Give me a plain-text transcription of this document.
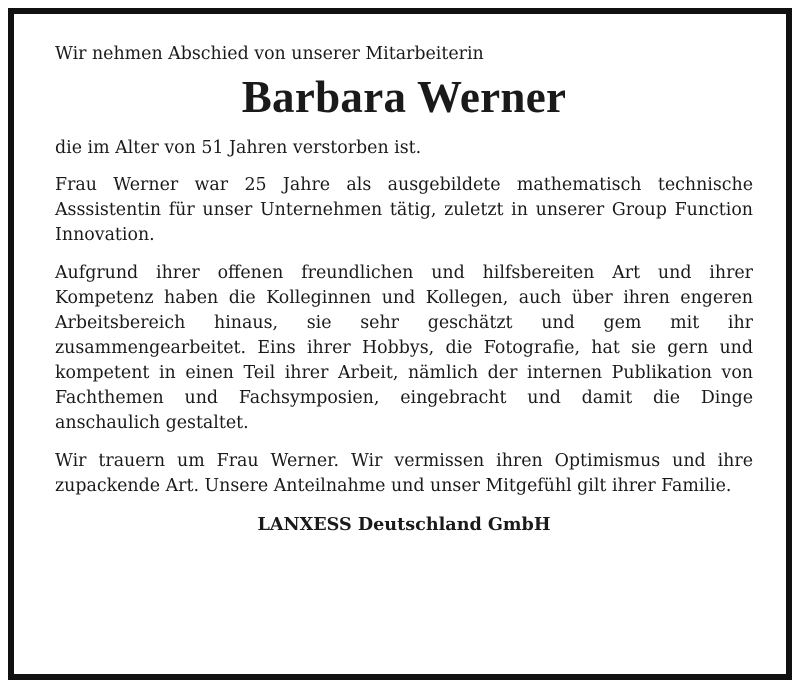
Wir nehmen Abschied von unserer Mitarbeiterin

Barbara Werner

die im Alter von 51 Jahren verstorben ist.

Frau Werner war 25 Jahre als ausgebildete mathematisch technische Asssistentin für unser Unternehmen tätig, zuletzt in unserer Group Function Innovation.

Aufgrund ihrer offenen freundlichen und hilfsbereiten Art und ihrer Kompetenz haben die Kolleginnen und Kollegen, auch über ihren engeren Arbeitsbereich hinaus, sie sehr geschätzt und gem mit ihr zusammengearbeitet. Eins ihrer Hobbys, die Fotografie, hat sie gern und kompetent in einen Teil ihrer Arbeit, nämlich der internen Publikation von Fachthemen und Fachsymposien, eingebracht und damit die Dinge anschaulich gestaltet.

Wir trauern um Frau Werner. Wir vermissen ihren Optimismus und ihre zupackende Art. Unsere Anteilnahme und unser Mitgefühl gilt ihrer Familie.

LANXESS Deutschland GmbH
